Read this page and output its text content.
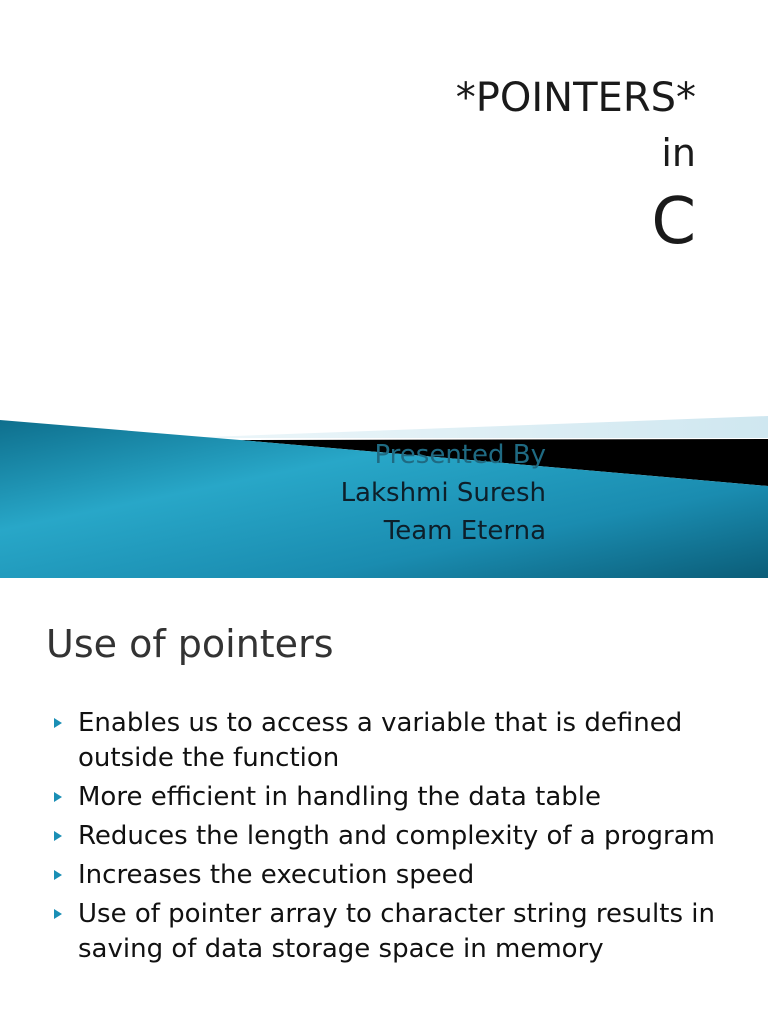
*POINTERS*
in
C
Presented By
Lakshmi Suresh
Team Eterna
Use of pointers
Enables us to access a variable that is defined outside the function
More efficient in handling the data table
Reduces the length and complexity of a program
Increases the execution speed
Use of pointer array to character string results in saving of data storage space in memory
